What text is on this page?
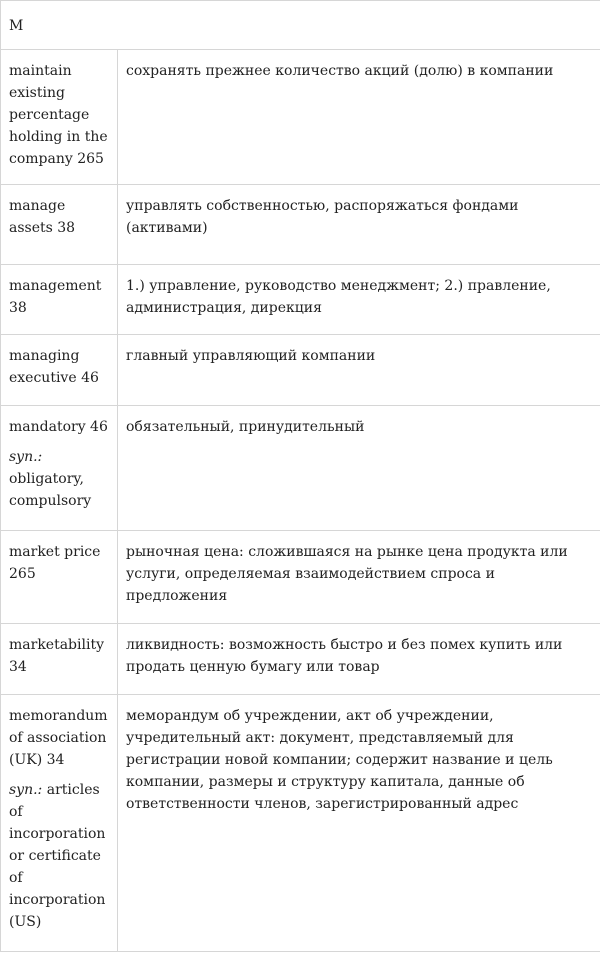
M	

maintain existing percentage holding in the company 265	сохранять прежнее количество акций (долю) в компании

manage assets 38	управлять собственностью, распоряжаться фондами (активами)

management 38	1.) управление, руководство менеджмент; 2.) правление, администрация, дирекция

managing executive 46	главный управляющий компании

mandatory 46
syn.: obligatory, compulsory	обязательный, принудительный

market price 265	рыночная цена: сложившаяся на рынке цена продукта или услуги, определяемая взаимодействием спроса и предложения

marketability 34	ликвидность: возможность быстро и без помех купить или продать ценную бумагу или товар

memorandum of association (UK) 34
syn.: articles of incorporation or certificate of incorporation (US)	меморандум об учреждении, акт об учреждении, учредительный акт: документ, представляемый для регистрации новой компании; содержит название и цель компании, размеры и структуру капитала, данные об ответственности членов, зарегистрированный адрес
